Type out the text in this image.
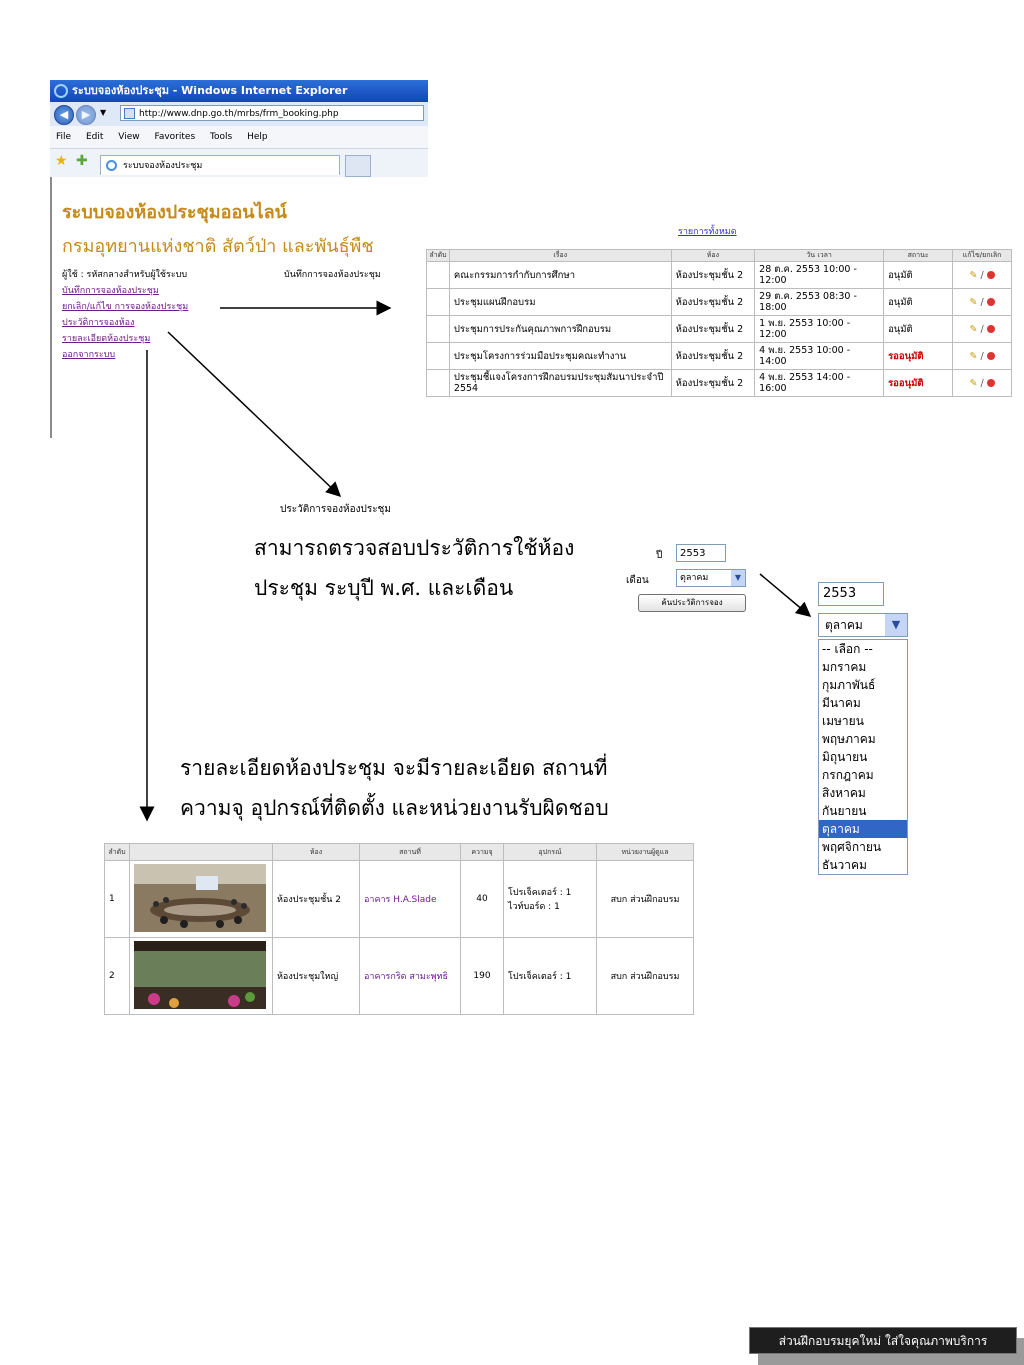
ระบบจองห้องประชุม - Windows Internet Explorer
◀	▶	▼	http://www.dnp.go.th/mrbs/frm_booking.php
File Edit View Favorites Tools Help
★ ✚	ระบบจองห้องประชุม
ระบบจองห้องประชุมออนไลน์
กรมอุทยานแห่งชาติ สัตว์ป่า และพันธุ์พืช
ผู้ใช้ : รหัสกลางสำหรับผู้ใช้ระบบ	บันทึกการจองห้องประชุม
บันทึกการจองห้องประชุม
ยกเลิก/แก้ไข การจองห้องประชุม
ประวัติการจองห้อง
รายละเอียดห้องประชุม
ออกจากระบบ
รายการทั้งหมด
ลำดับ	เรื่อง	ห้อง	วัน เวลา	สถานะ	แก้ไข/ยกเลิก
	คณะกรรมการกำกับการศึกษา	ห้องประชุมชั้น 2	28 ต.ค. 2553 10:00 - 12:00	อนุมัติ	✎ /
	ประชุมแผนฝึกอบรม	ห้องประชุมชั้น 2	29 ต.ค. 2553 08:30 - 18:00	อนุมัติ	✎ /
	ประชุมการประกันคุณภาพการฝึกอบรม	ห้องประชุมชั้น 2	1 พ.ย. 2553 10:00 - 12:00	อนุมัติ	✎ /
	ประชุมโครงการร่วมมือประชุมคณะทำงาน	ห้องประชุมชั้น 2	4 พ.ย. 2553 10:00 - 14:00	รออนุมัติ	✎ /
	ประชุมชี้แจงโครงการฝึกอบรมประชุมสัมนาประจำปี 2554	ห้องประชุมชั้น 2	4 พ.ย. 2553 14:00 - 16:00	รออนุมัติ	✎ /
ประวัติการจองห้องประชุม
สามารถตรวจสอบประวัติการใช้ห้อง
ประชุม ระบุปี พ.ศ. และเดือน
ปี	2553
เดือน	ตุลาคม	▼
ค้นประวัติการจอง
2553
ตุลาคม	▼
-- เลือก --
มกราคม
กุมภาพันธ์
มีนาคม
เมษายน
พฤษภาคม
มิถุนายน
กรกฎาคม
สิงหาคม
กันยายน
ตุลาคม
พฤศจิกายน
ธันวาคม
รายละเอียดห้องประชุม จะมีรายละเอียด สถานที่
ความจุ อุปกรณ์ที่ติดตั้ง และหน่วยงานรับผิดชอบ
ลำดับ		ห้อง	สถานที่	ความจุ	อุปกรณ์	หน่วยงานผู้ดูแล
1		ห้องประชุมชั้น 2	อาคาร H.A.Slade	40	โปรเจ็คเตอร์ : 1
ไวท์บอร์ด : 1	สบก ส่วนฝึกอบรม
2		ห้องประชุมใหญ่	อาคารกริด สามะพุทธิ	190	โปรเจ็คเตอร์ : 1	สบก ส่วนฝึกอบรม
ส่วนฝึกอบรมยุคใหม่ ใส่ใจคุณภาพบริการ
